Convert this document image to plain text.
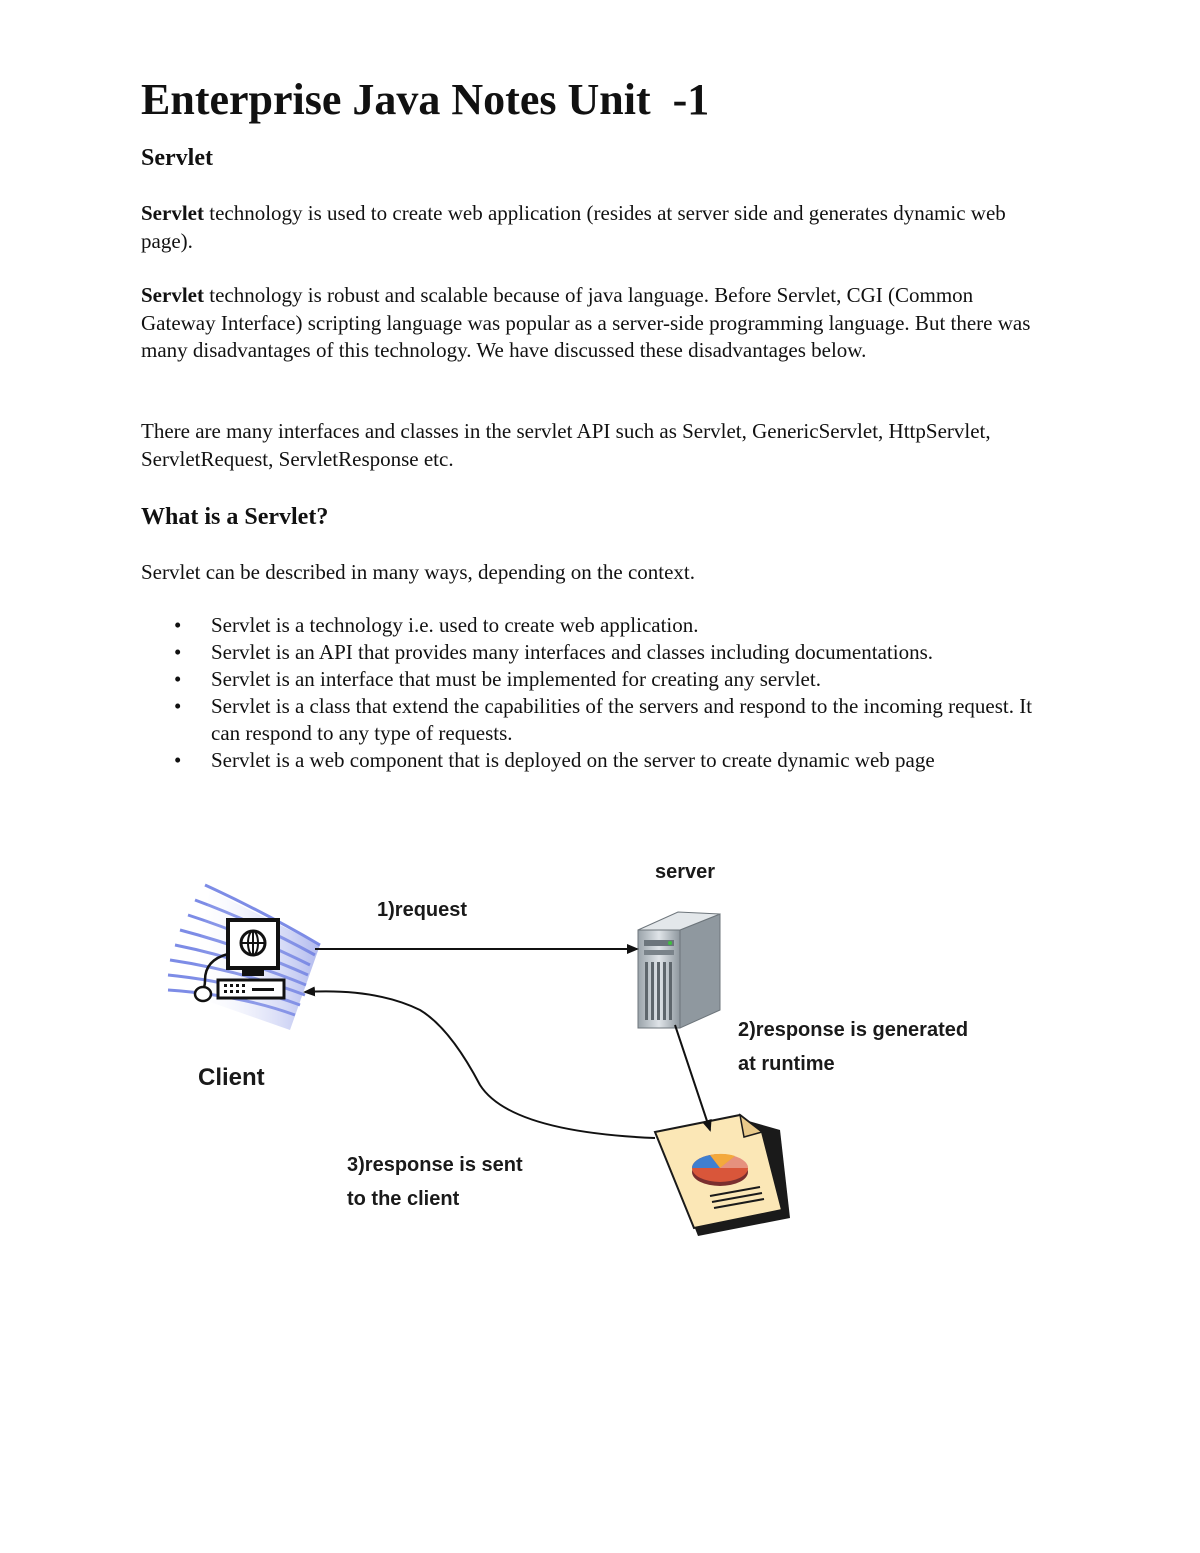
Enterprise Java Notes Unit  -1
Servlet

Servlet technology is used to create web application (resides at server side and generates dynamic web page).

Servlet technology is robust and scalable because of java language. Before Servlet, CGI (Common Gateway Interface) scripting language was popular as a server-side programming language. But there was many disadvantages of this technology. We have discussed these disadvantages below.

There are many interfaces and classes in the servlet API such as Servlet, GenericServlet, HttpServlet, ServletRequest, ServletResponse etc.

What is a Servlet?

Servlet can be described in many ways, depending on the context.

• Servlet is a technology i.e. used to create web application.
• Servlet is an API that provides many interfaces and classes including documentations.
• Servlet is an interface that must be implemented for creating any servlet.
• Servlet is a class that extend the capabilities of the servers and respond to the incoming request. It can respond to any type of requests.
• Servlet is a web component that is deployed on the server to create dynamic web page
server
1)request
Client
2)response is generated
at runtime
3)response is sent
to the client
